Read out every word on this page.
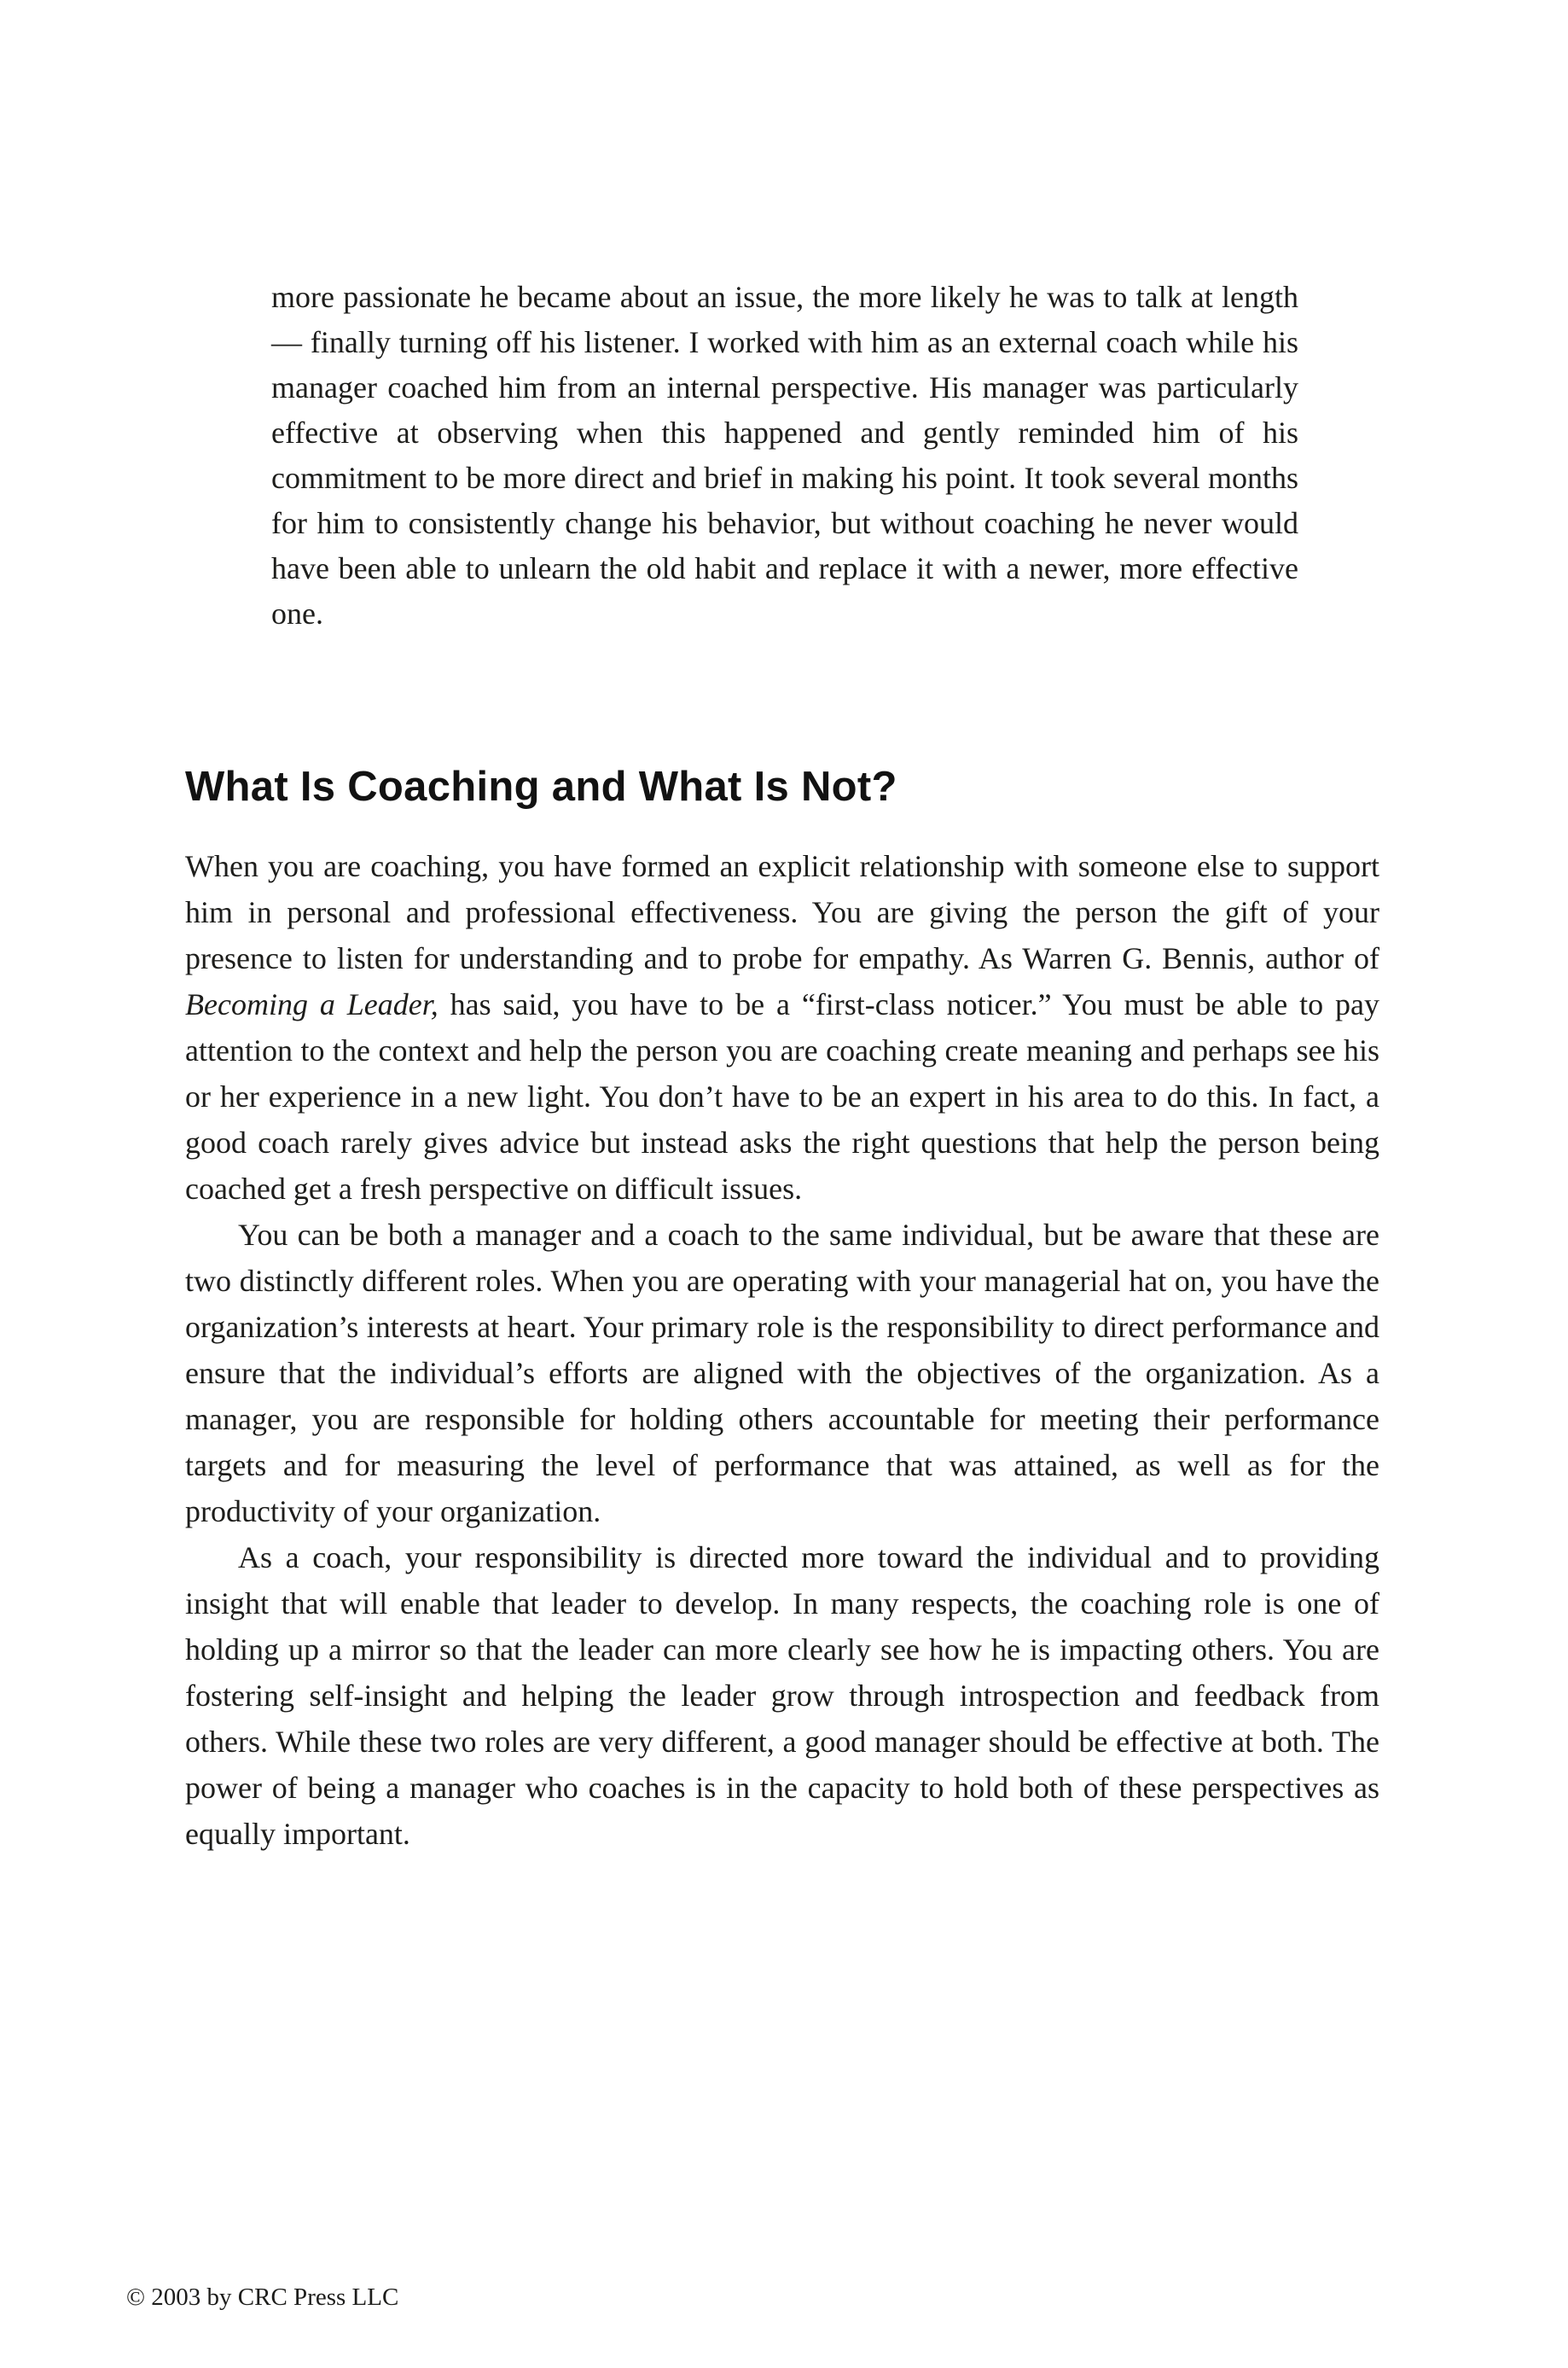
more passionate he became about an issue, the more likely he was to talk at length — finally turning off his listener. I worked with him as an external coach while his manager coached him from an internal perspective. His manager was particularly effective at observing when this happened and gently reminded him of his commitment to be more direct and brief in making his point. It took several months for him to consistently change his behavior, but without coaching he never would have been able to unlearn the old habit and replace it with a newer, more effective one.

What Is Coaching and What Is Not?

When you are coaching, you have formed an explicit relationship with someone else to support him in personal and professional effectiveness. You are giving the person the gift of your presence to listen for understanding and to probe for empathy. As Warren G. Bennis, author of Becoming a Leader, has said, you have to be a “first-class noticer.” You must be able to pay attention to the context and help the person you are coaching create meaning and perhaps see his or her experience in a new light. You don’t have to be an expert in his area to do this. In fact, a good coach rarely gives advice but instead asks the right questions that help the person being coached get a fresh perspective on difficult issues.

You can be both a manager and a coach to the same individual, but be aware that these are two distinctly different roles. When you are operating with your managerial hat on, you have the organization’s interests at heart. Your primary role is the responsibility to direct performance and ensure that the individual’s efforts are aligned with the objectives of the organization. As a manager, you are responsible for holding others accountable for meeting their performance targets and for measuring the level of performance that was attained, as well as for the productivity of your organization.

As a coach, your responsibility is directed more toward the individual and to providing insight that will enable that leader to develop. In many respects, the coaching role is one of holding up a mirror so that the leader can more clearly see how he is impacting others. You are fostering self-insight and helping the leader grow through introspection and feedback from others. While these two roles are very different, a good manager should be effective at both. The power of being a manager who coaches is in the capacity to hold both of these perspectives as equally important.

© 2003 by CRC Press LLC
